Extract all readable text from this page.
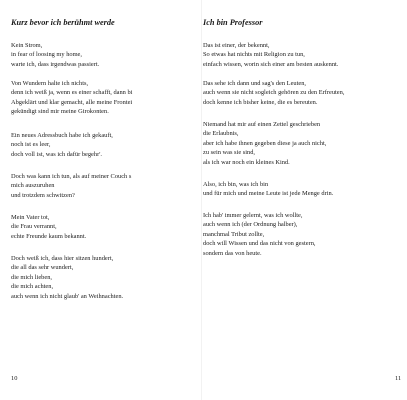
Kurz bevor ich berühmt werde
Kein Strom,
in fear of loosing my home,
warte ich, dass irgendwas passiert.
Von Wundern halte ich nichts,
denn ich weiß ja, wenn es einer schafft, dann bi
Abgeklärt und klar gemacht, alle meine Frontei
gekündigt sind mir meine Girokonten.
Ein neues Adressbuch habe ich gekauft,
noch ist es leer,
doch voll ist, was ich dafür begehr'.
Doch was kann ich tun, als auf meiner Couch s
mich auszuruhen
und trotzdem schwitzen?
Mein Vater tot,
die Frau verrannt,
echte Freunde kaum bekannt.
Doch weiß ich, dass hier sitzen hundert,
die all das sehr wundert,
die mich lieben,
die mich achten,
auch wenn ich nicht glaub' an Weihnachten.
10
Ich bin Professor
Das ist einer, der bekennt,
So etwas hat nichts mit Religion zu tun,
einfach wissen, worin sich einer am besten auskennt.
Das sehe ich dann und sag's den Leuten,
auch wenn sie nicht sogleich gehören zu den Erfreuten,
doch kenne ich bisher keine, die es bereuten.
Niemand hat mir auf einen Zettel geschrieben
die Erlaubnis,
aber ich habe ihnen gegeben diese ja auch nicht,
zu sein was sie sind,
als ich war noch ein kleines Kind.
Also, ich bin, was ich bin
und für mich und meine Leute ist jede Menge drin.
Ich hab' immer gelernt, was ich wollte,
auch wenn ich (der Ordnung halber),
manchmal Tribut zollte,
doch will Wissen und das nicht von gestern,
sondern das von heute.
11
